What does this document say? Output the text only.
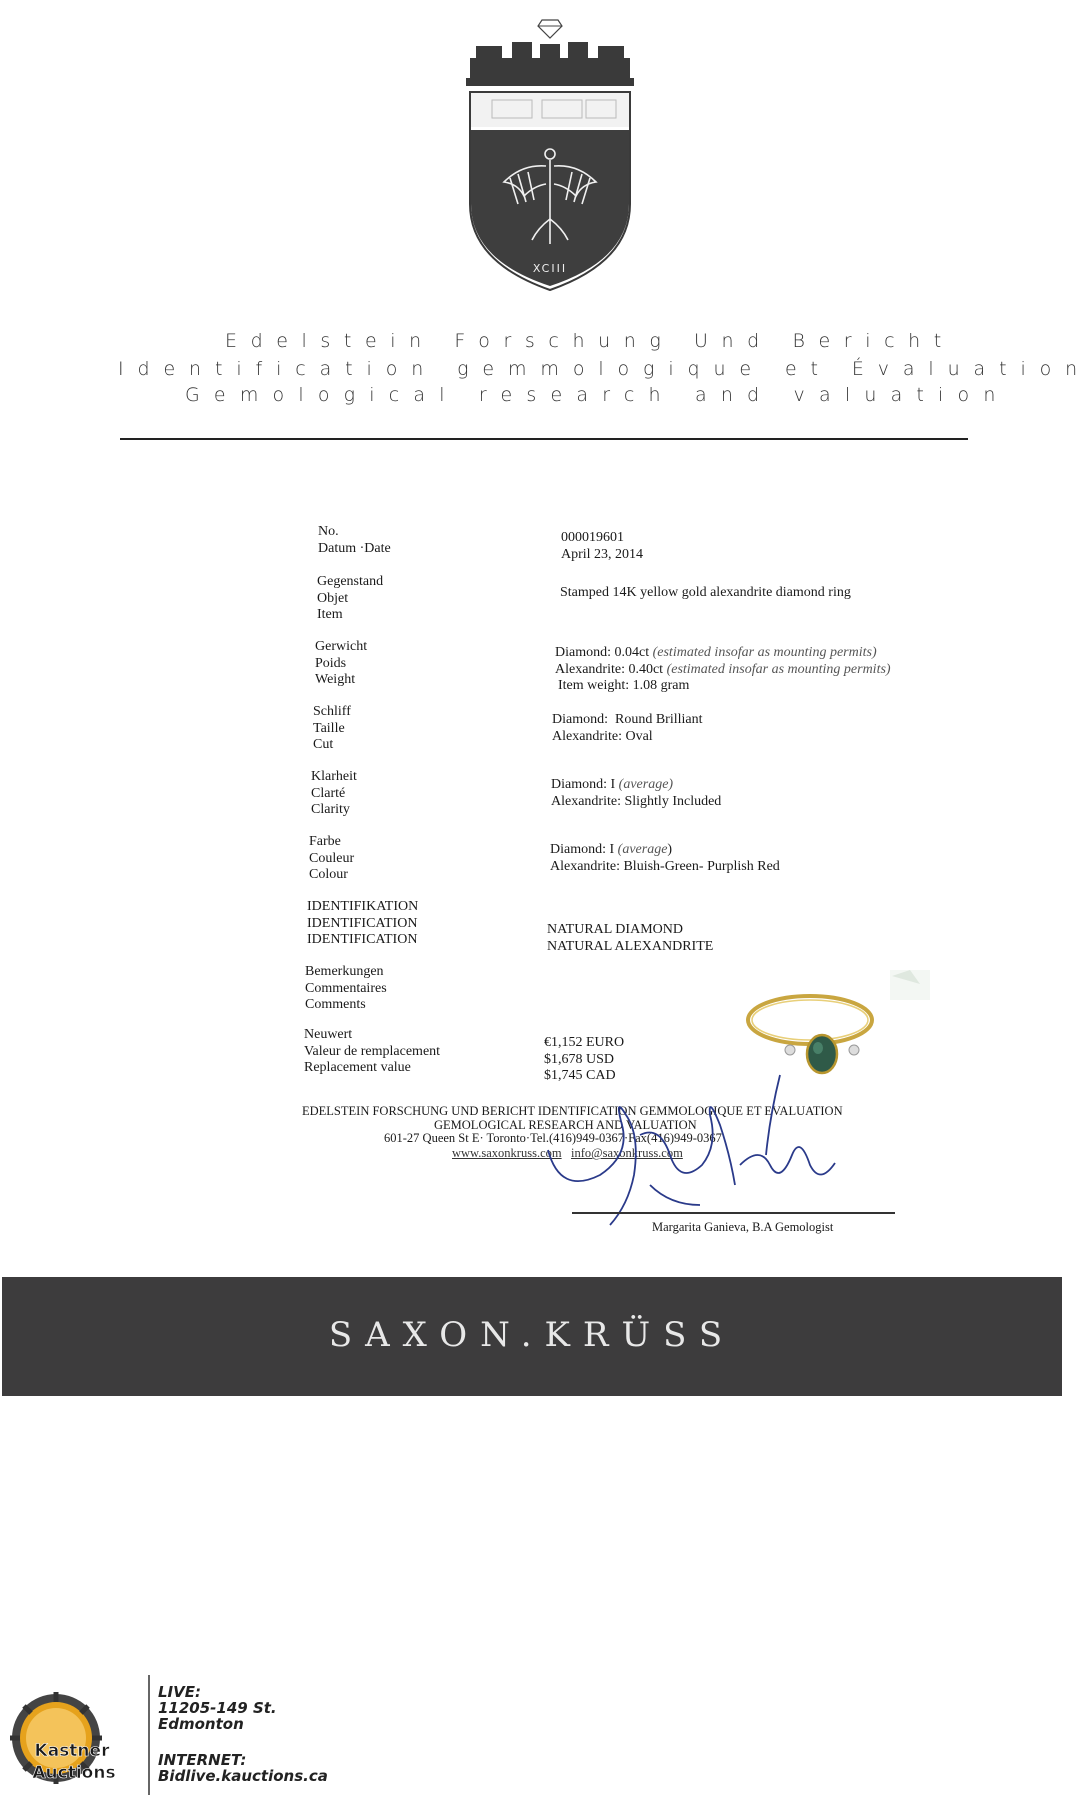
XCIII
Edelstein Forschung Und Bericht
Identification gemmologique et Évaluation
Gemological research and valuation
No.
Datum ·Date
000019601
April 23, 2014
Gegenstand
Objet
Item
Stamped 14K yellow gold alexandrite diamond ring
Gerwicht
Poids
Weight
Diamond: 0.04ct (estimated insofar as mounting permits)
Alexandrite: 0.40ct (estimated insofar as mounting permits)
Item weight: 1.08 gram
Schliff
Taille
Cut
Diamond:  Round Brilliant
Alexandrite: Oval
Klarheit
Clarté
Clarity
Diamond: I (average)
Alexandrite: Slightly Included
Farbe
Couleur
Colour
Diamond: I (average)
Alexandrite: Bluish-Green- Purplish Red
IDENTIFIKATION
IDENTIFICATION
IDENTIFICATION
NATURAL DIAMOND
NATURAL ALEXANDRITE
Bemerkungen
Commentaires
Comments
Neuwert
Valeur de remplacement
Replacement value
€1,152 EURO
$1,678 USD
$1,745 CAD
EDELSTEIN FORSCHUNG UND BERICHT IDENTIFICATION GEMMOLOGIQUE ET EVALUATION
GEMOLOGICAL RESEARCH AND VALUATION
601-27 Queen St E· Toronto·Tel.(416)949-0367·Fax(416)949-0367
www.saxonkruss.com info@saxonkruss.com
Margarita Ganieva, B.A Gemologist
SAXON.KRÜSS
Kastner
Auctions
LIVE:
11205-149 St.
Edmonton
INTERNET:
Bidlive.kauctions.ca
